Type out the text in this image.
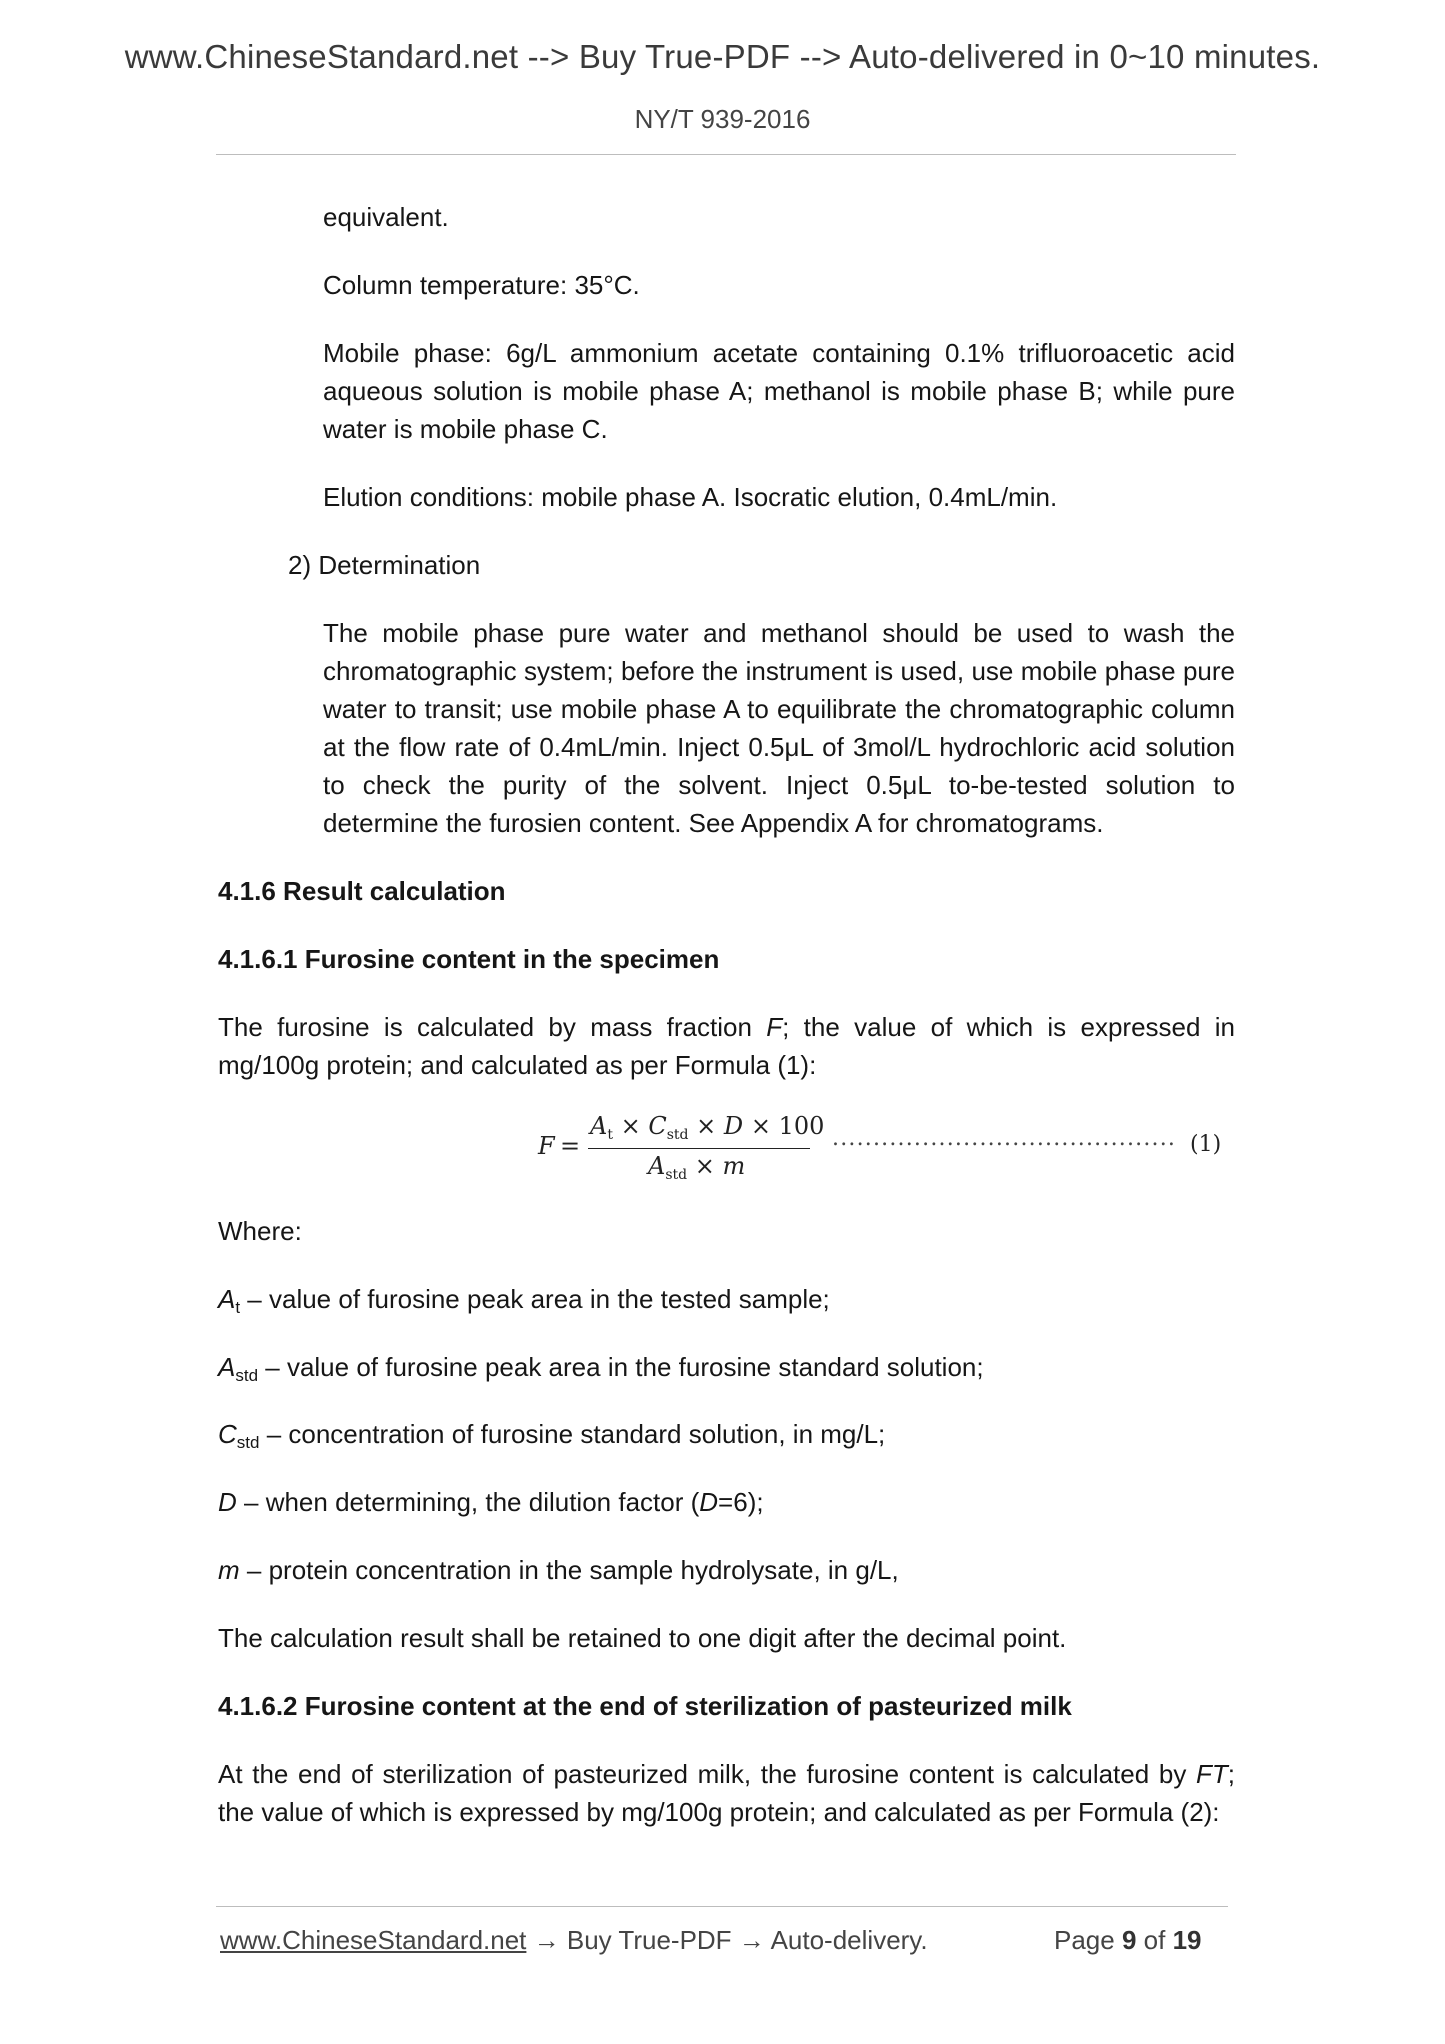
www.ChineseStandard.net --> Buy True-PDF --> Auto-delivered in 0~10 minutes.
NY/T 939-2016

equivalent.

Column temperature: 35°C.

Mobile phase: 6g/L ammonium acetate containing 0.1% trifluoroacetic acid aqueous solution is mobile phase A; methanol is mobile phase B; while pure water is mobile phase C.

Elution conditions: mobile phase A. Isocratic elution, 0.4mL/min.

2) Determination

The mobile phase pure water and methanol should be used to wash the chromatographic system; before the instrument is used, use mobile phase pure water to transit; use mobile phase A to equilibrate the chromatographic column at the flow rate of 0.4mL/min. Inject 0.5μL of 3mol/L hydrochloric acid solution to check the purity of the solvent. Inject 0.5μL to-be-tested solution to determine the furosien content. See Appendix A for chromatograms.

4.1.6 Result calculation

4.1.6.1 Furosine content in the specimen

The furosine is calculated by mass fraction F; the value of which is expressed in mg/100g protein; and calculated as per Formula (1):

F =
$A_t \times C_{std} \times D \times 100$
$A_{std} \times m$
.......................................... (1)

Where:

$A_t$ – value of furosine peak area in the tested sample;

$A_{std}$ – value of furosine peak area in the furosine standard solution;

$C_{std}$ – concentration of furosine standard solution, in mg/L;

D – when determining, the dilution factor (D=6);

m – protein concentration in the sample hydrolysate, in g/L,

The calculation result shall be retained to one digit after the decimal point.

4.1.6.2 Furosine content at the end of sterilization of pasteurized milk

At the end of sterilization of pasteurized milk, the furosine content is calculated by FT; the value of which is expressed by mg/100g protein; and calculated as per Formula (2):

www.ChineseStandard.net → Buy True-PDF → Auto-delivery.	Page 9 of 19
